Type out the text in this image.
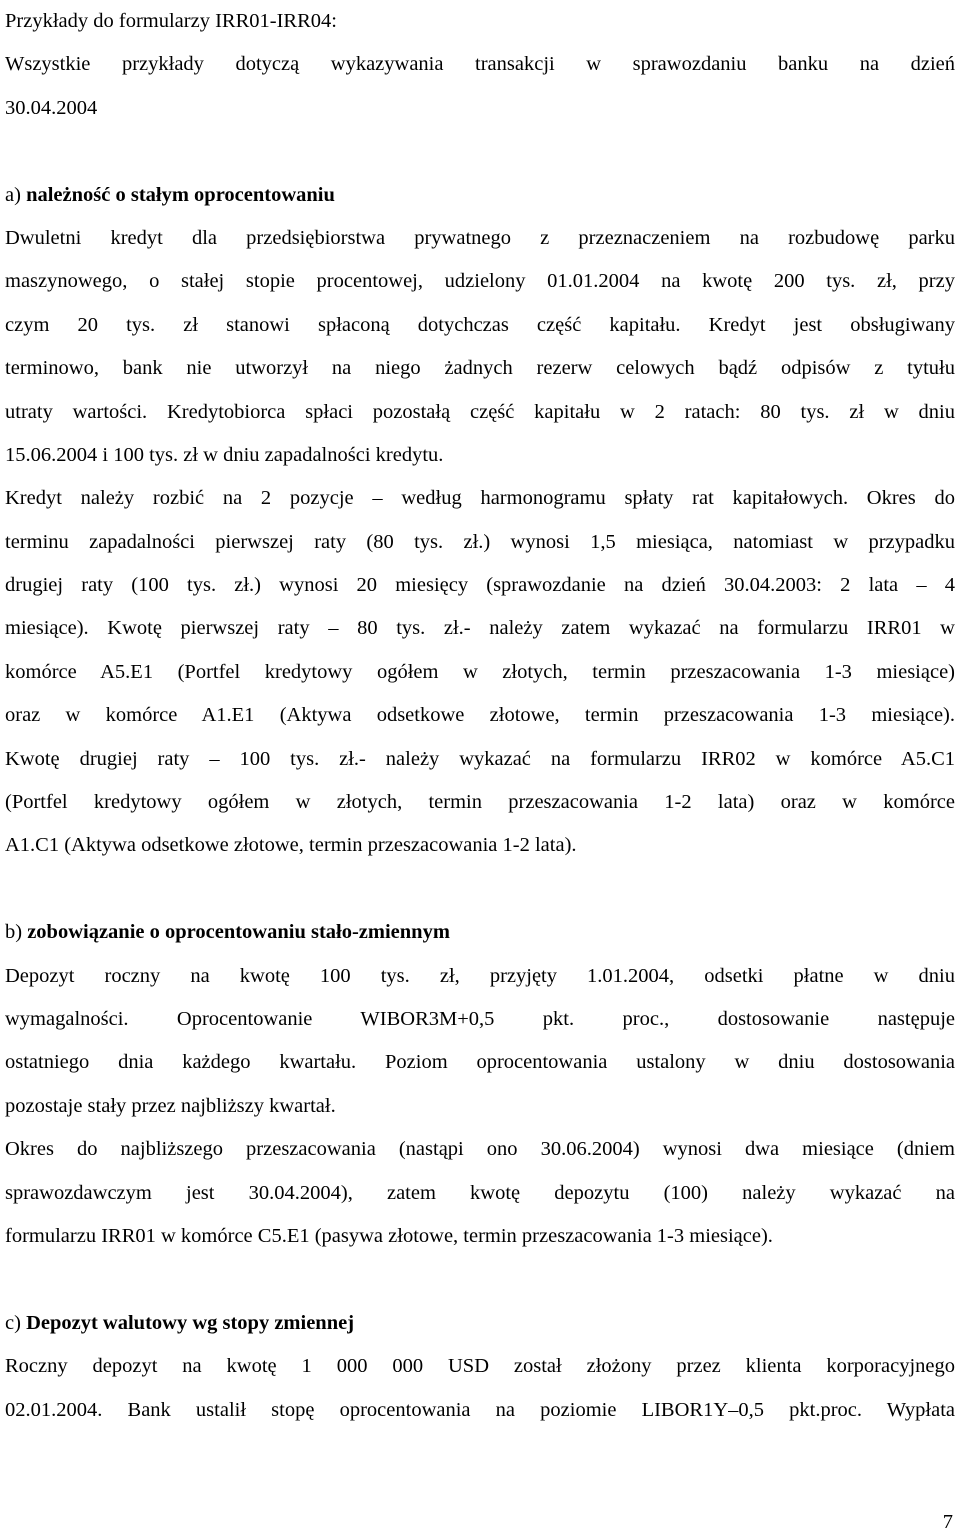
Przykłady do formularzy IRR01-IRR04:
Wszystkie przykłady dotyczą wykazywania transakcji w sprawozdaniu banku na dzień
30.04.2004
a) należność o stałym oprocentowaniu
Dwuletni kredyt dla przedsiębiorstwa prywatnego z przeznaczeniem na rozbudowę parku
maszynowego, o stałej stopie procentowej, udzielony 01.01.2004 na kwotę 200 tys. zł, przy
czym 20 tys. zł stanowi spłaconą dotychczas część kapitału. Kredyt jest obsługiwany
terminowo, bank nie utworzył na niego żadnych rezerw celowych bądź odpisów z tytułu
utraty wartości. Kredytobiorca spłaci pozostałą część kapitału w 2 ratach: 80 tys. zł w dniu
15.06.2004 i 100 tys. zł w dniu zapadalności kredytu.
Kredyt należy rozbić na 2 pozycje – według harmonogramu spłaty rat kapitałowych. Okres do
terminu zapadalności pierwszej raty (80 tys. zł.) wynosi 1,5 miesiąca, natomiast w przypadku
drugiej raty (100 tys. zł.) wynosi 20 miesięcy (sprawozdanie na dzień 30.04.2003: 2 lata – 4
miesiące). Kwotę pierwszej raty – 80 tys. zł.- należy zatem wykazać na formularzu IRR01 w
komórce A5.E1 (Portfel kredytowy ogółem w złotych, termin przeszacowania 1-3 miesiące)
oraz w komórce A1.E1 (Aktywa odsetkowe złotowe, termin przeszacowania 1-3 miesiące).
Kwotę drugiej raty – 100 tys. zł.- należy wykazać na formularzu IRR02 w komórce A5.C1
(Portfel kredytowy ogółem w złotych, termin przeszacowania 1-2 lata) oraz w komórce
A1.C1 (Aktywa odsetkowe złotowe, termin przeszacowania 1-2 lata).
b) zobowiązanie o oprocentowaniu stało-zmiennym
Depozyt roczny na kwotę 100 tys. zł, przyjęty 1.01.2004, odsetki płatne w dniu
wymagalności. Oprocentowanie WIBOR3M+0,5 pkt. proc., dostosowanie następuje
ostatniego dnia każdego kwartału. Poziom oprocentowania ustalony w dniu dostosowania
pozostaje stały przez najbliższy kwartał.
Okres do najbliższego przeszacowania (nastąpi ono 30.06.2004) wynosi dwa miesiące (dniem
sprawozdawczym jest 30.04.2004), zatem kwotę depozytu (100) należy wykazać na
formularzu IRR01 w komórce C5.E1 (pasywa złotowe, termin przeszacowania 1-3 miesiące).
c) Depozyt walutowy wg stopy zmiennej
Roczny depozyt na kwotę 1 000 000 USD został złożony przez klienta korporacyjnego
02.01.2004. Bank ustalił stopę oprocentowania na poziomie LIBOR1Y–0,5 pkt.proc. Wypłata
7
